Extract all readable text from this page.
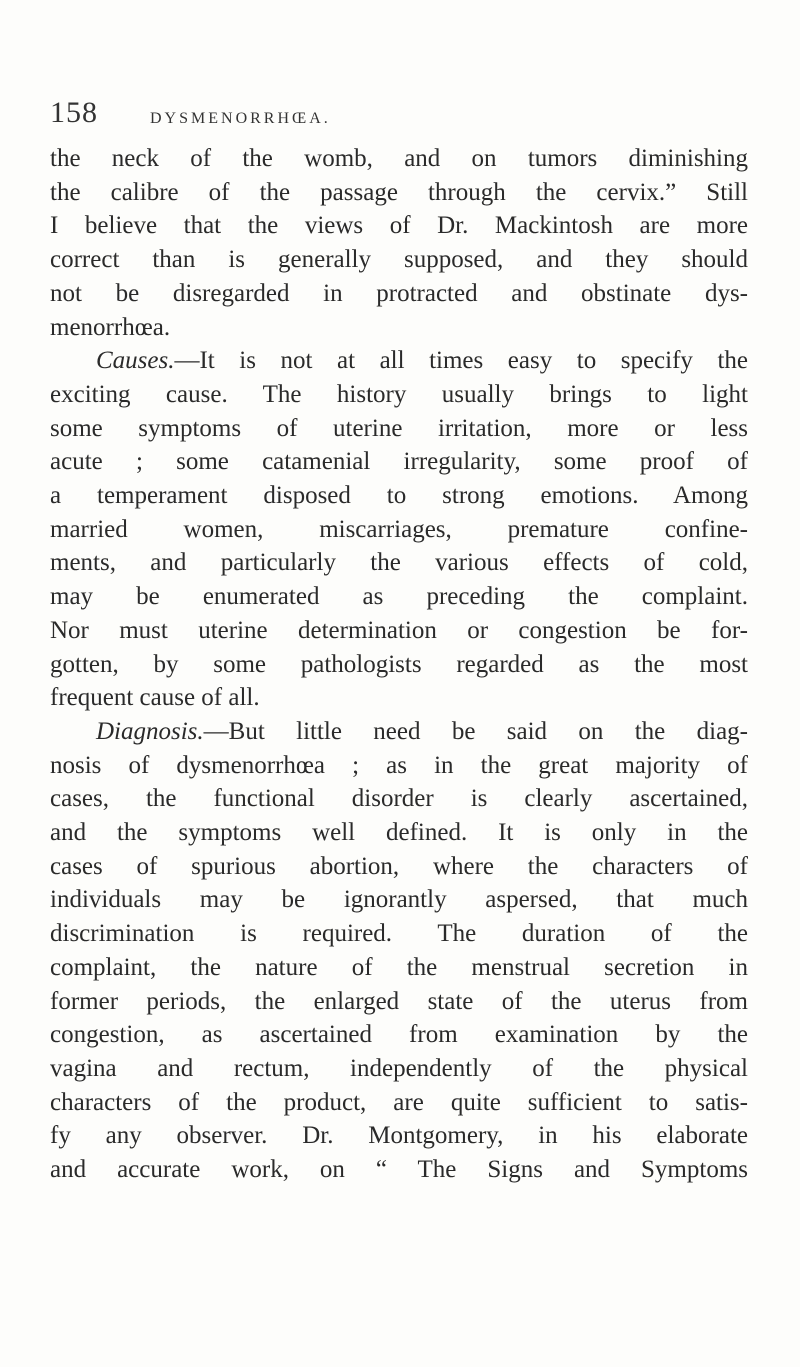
158	DYSMENORRHŒA.
the neck of the womb, and on tumors diminishing
the calibre of the passage through the cervix.” Still
I believe that the views of Dr. Mackintosh are more
correct than is generally supposed, and they should
not be disregarded in protracted and obstinate dys-
menorrhœa.
Causes.—It is not at all times easy to specify the
exciting cause. The history usually brings to light
some symptoms of uterine irritation, more or less
acute ; some catamenial irregularity, some proof of
a temperament disposed to strong emotions. Among
married women, miscarriages, premature confine-
ments, and particularly the various effects of cold,
may be enumerated as preceding the complaint.
Nor must uterine determination or congestion be for-
gotten, by some pathologists regarded as the most
frequent cause of all.
Diagnosis.—But little need be said on the diag-
nosis of dysmenorrhœa ; as in the great majority of
cases, the functional disorder is clearly ascertained,
and the symptoms well defined. It is only in the
cases of spurious abortion, where the characters of
individuals may be ignorantly aspersed, that much
discrimination is required. The duration of the
complaint, the nature of the menstrual secretion in
former periods, the enlarged state of the uterus from
congestion, as ascertained from examination by the
vagina and rectum, independently of the physical
characters of the product, are quite sufficient to satis-
fy any observer. Dr. Montgomery, in his elaborate
and accurate work, on “ The Signs and Symptoms
